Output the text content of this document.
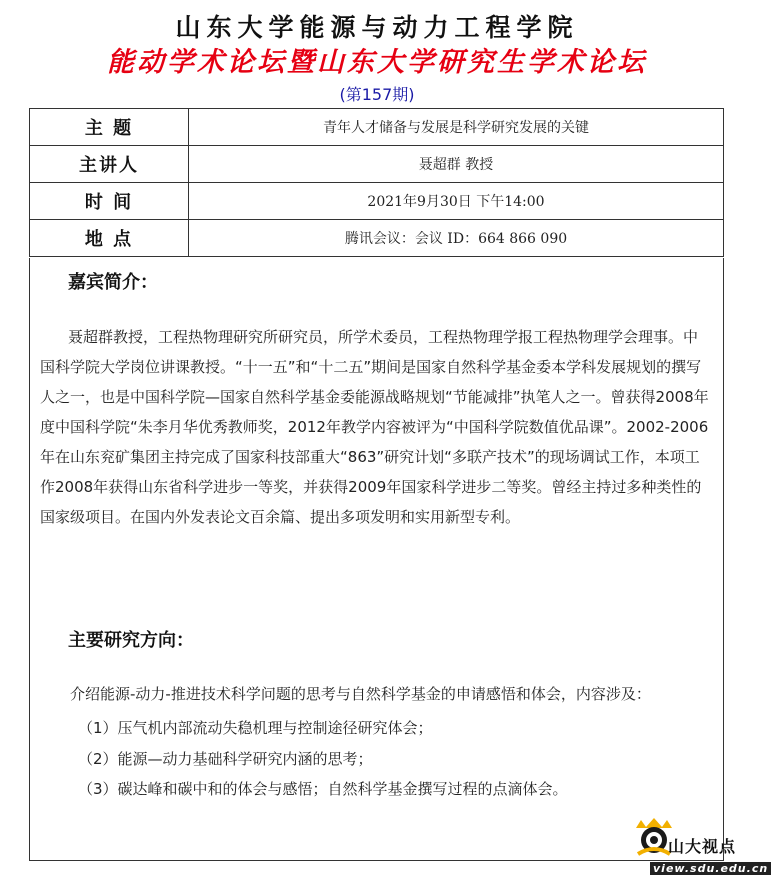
山东大学能源与动力工程学院
能动学术论坛暨山东大学研究生学术论坛
(第157期)
主 题	青年人才储备与发展是科学研究发展的关键
主讲人	聂超群 教授
时 间	2021年9月30日 下午14:00
地 点	腾讯会议：会议 ID：664 866 090
嘉宾简介：

聂超群教授，工程热物理研究所研究员，所学术委员，工程热物理学报工程热物理学会理事。中国科学院大学岗位讲课教授。“十一五”和“十二五”期间是国家自然科学基金委本学科发展规划的撰写人之一，也是中国科学院—国家自然科学基金委能源战略规划“节能减排”执笔人之一。曾获得2008年度中国科学院“朱李月华优秀教师奖，2012年教学内容被评为“中国科学院数值优品课”。2002-2006年在山东兖矿集团主持完成了国家科技部重大“863”研究计划“多联产技术”的现场调试工作，本项工作2008年获得山东省科学进步一等奖，并获得2009年国家科学进步二等奖。曾经主持过多种类性的国家级项目。在国内外发表论文百余篇、提出多项发明和实用新型专利。

主要研究方向：
介绍能源-动力-推进技术科学问题的思考与自然科学基金的申请感悟和体会，内容涉及：
（1）压气机内部流动失稳机理与控制途径研究体会；
（2）能源—动力基础科学研究内涵的思考；
（3）碳达峰和碳中和的体会与感悟；自然科学基金撰写过程的点滴体会。
山大视点
view.sdu.edu.cn
